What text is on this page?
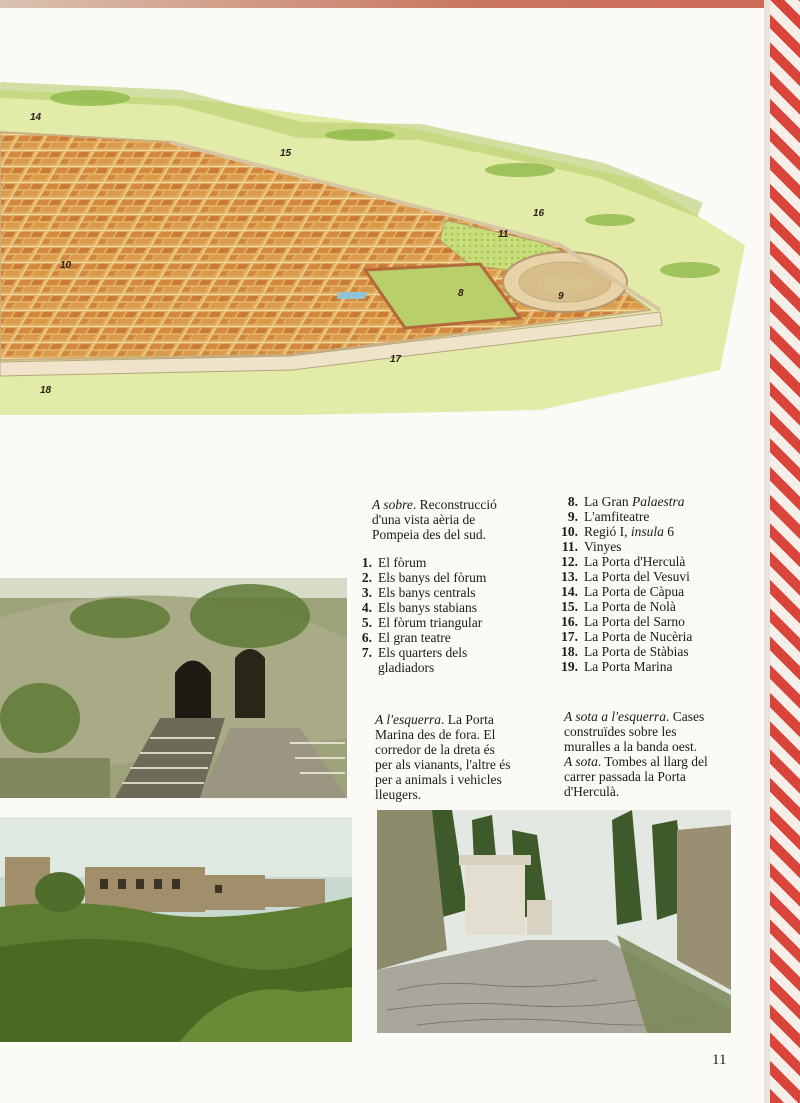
8	9
10
11
14
15
16
17
18

A sobre. Reconstrucció

d'una vista aèria de

Pompeia des del sud.

1. El fòrum
2. Els banys del fòrum
3. Els banys centrals
4. Els banys stabians
5. El fòrum triangular
6. El gran teatre
7. Els quarters dels gladiadors
8. La Gran Palaestra
9. L'amfiteatre
10. Regió I, insula 6
11. Vinyes
12. La Porta d'Herculà
13. La Porta del Vesuvi
14. La Porta de Càpua
15. La Porta de Nolà
16. La Porta del Sarno
17. La Porta de Nucèria
18. La Porta de Stàbias
19. La Porta Marina

A l'esquerra. La Porta

Marina des de fora. El

corredor de la dreta és

per als vianants, l'altre és

per a animals i vehicles

lleugers.

A sota a l'esquerra. Cases

construïdes sobre les

muralles a la banda oest.

A sota. Tombes al llarg del

carrer passada la Porta

d'Herculà.

11
